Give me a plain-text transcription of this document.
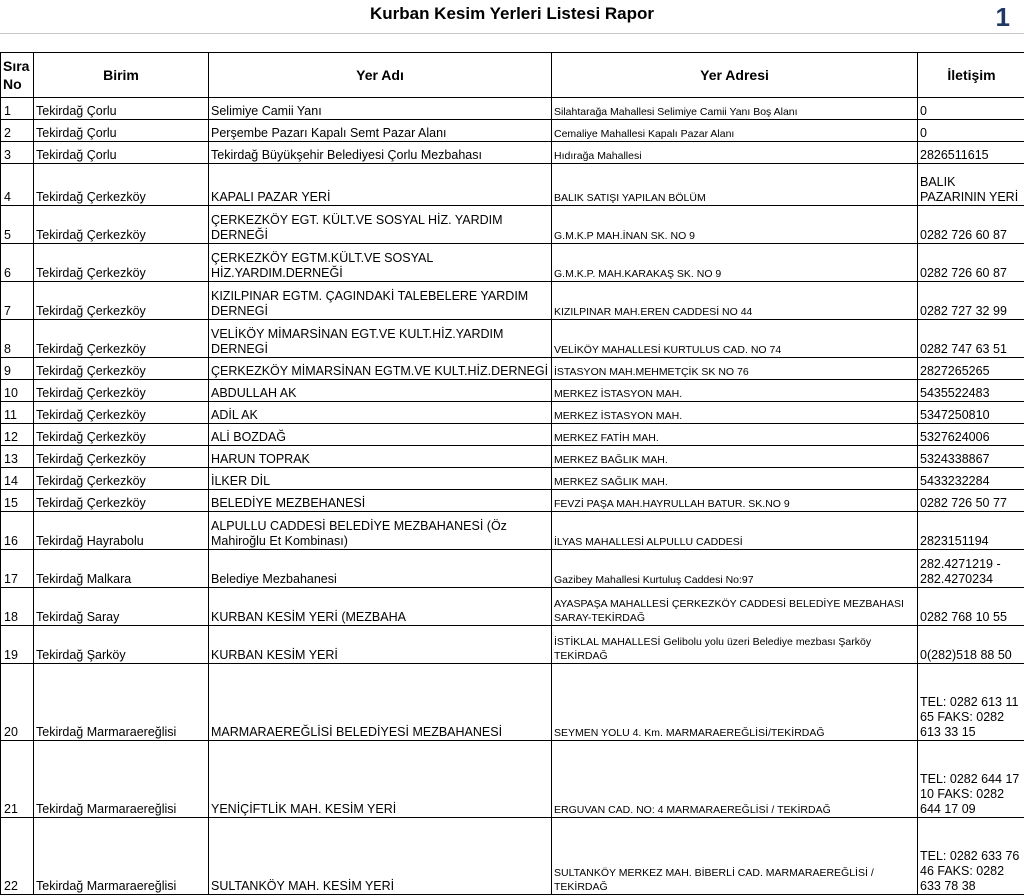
Kurban Kesim Yerleri Listesi Rapor	1
Sıra
No	Birim	Yer Adı	Yer Adresi	İletişim
1	Tekirdağ Çorlu	Selimiye Camii Yanı	Silahtarağa Mahallesi Selimiye Camii Yanı Boş Alanı	0
2	Tekirdağ Çorlu	Perşembe Pazarı Kapalı Semt Pazar Alanı	Cemaliye Mahallesi Kapalı Pazar Alanı	0
3	Tekirdağ Çorlu	Tekirdağ Büyükşehir Belediyesi Çorlu Mezbahası	Hıdırağa Mahallesi	2826511615
4	Tekirdağ Çerkezköy	KAPALI PAZAR YERİ	BALIK SATIŞI YAPILAN BÖLÜM	BALIK PAZARININ YERİ
5	Tekirdağ Çerkezköy	ÇERKEZKÖY EGT. KÜLT.VE SOSYAL HİZ. YARDIM DERNEĞİ	G.M.K.P MAH.İNAN SK. NO 9	0282 726 60 87
6	Tekirdağ Çerkezköy	ÇERKEZKÖY EGTM.KÜLT.VE SOSYAL HİZ.YARDIM.DERNEĞİ	G.M.K.P. MAH.KARAKAŞ SK. NO 9	0282 726 60 87
7	Tekirdağ Çerkezköy	KIZILPINAR EGTM. ÇAGINDAKİ TALEBELERE YARDIM DERNEGİ	KIZILPINAR MAH.EREN CADDESİ NO 44	0282 727 32 99
8	Tekirdağ Çerkezköy	VELİKÖY MİMARSİNAN EGT.VE KULT.HİZ.YARDIM DERNEGİ	VELİKÖY MAHALLESİ KURTULUS CAD. NO 74	0282 747 63 51
9	Tekirdağ Çerkezköy	ÇERKEZKÖY MİMARSİNAN EGTM.VE KULT.HİZ.DERNEGİ	İSTASYON MAH.MEHMETÇİK SK NO 76	2827265265
10	Tekirdağ Çerkezköy	ABDULLAH AK	MERKEZ İSTASYON MAH.	5435522483
11	Tekirdağ Çerkezköy	ADİL AK	MERKEZ İSTASYON MAH.	5347250810
12	Tekirdağ Çerkezköy	ALİ BOZDAĞ	MERKEZ FATİH MAH.	5327624006
13	Tekirdağ Çerkezköy	HARUN TOPRAK	MERKEZ BAĞLIK MAH.	5324338867
14	Tekirdağ Çerkezköy	İLKER DİL	MERKEZ SAĞLIK MAH.	5433232284
15	Tekirdağ Çerkezköy	BELEDİYE MEZBEHANESİ	FEVZİ PAŞA MAH.HAYRULLAH BATUR. SK.NO 9	0282 726 50 77
16	Tekirdağ Hayrabolu	ALPULLU CADDESİ BELEDİYE MEZBAHANESİ (Öz Mahiroğlu Et Kombinası)	İLYAS MAHALLESİ ALPULLU CADDESİ	2823151194
17	Tekirdağ Malkara	Belediye Mezbahanesi	Gazibey Mahallesi Kurtuluş Caddesi No:97	282.4271219 - 282.4270234
18	Tekirdağ Saray	KURBAN KESİM YERİ (MEZBAHA	AYASPAŞA MAHALLESİ ÇERKEZKÖY CADDESİ BELEDİYE MEZBAHASI SARAY-TEKİRDAĞ	0282 768 10 55
19	Tekirdağ Şarköy	KURBAN KESİM YERİ	İSTİKLAL MAHALLESİ Gelibolu yolu üzeri Belediye mezbası Şarköy TEKİRDAĞ	0(282)518 88 50
20	Tekirdağ Marmaraereğlisi	MARMARAEREĞLİSİ BELEDİYESİ MEZBAHANESİ	SEYMEN YOLU 4. Km. MARMARAEREĞLİSİ/TEKİRDAĞ	TEL: 0282 613 11 65 FAKS: 0282 613 33 15
21	Tekirdağ Marmaraereğlisi	YENİÇİFTLİK MAH. KESİM YERİ	ERGUVAN CAD. NO: 4 MARMARAEREĞLİSİ / TEKİRDAĞ	TEL: 0282 644 17 10 FAKS: 0282 644 17 09
22	Tekirdağ Marmaraereğlisi	SULTANKÖY MAH. KESİM YERİ	SULTANKÖY MERKEZ MAH. BİBERLİ CAD. MARMARAEREĞLİSİ / TEKİRDAĞ	TEL: 0282 633 76 46 FAKS: 0282 633 78 38
